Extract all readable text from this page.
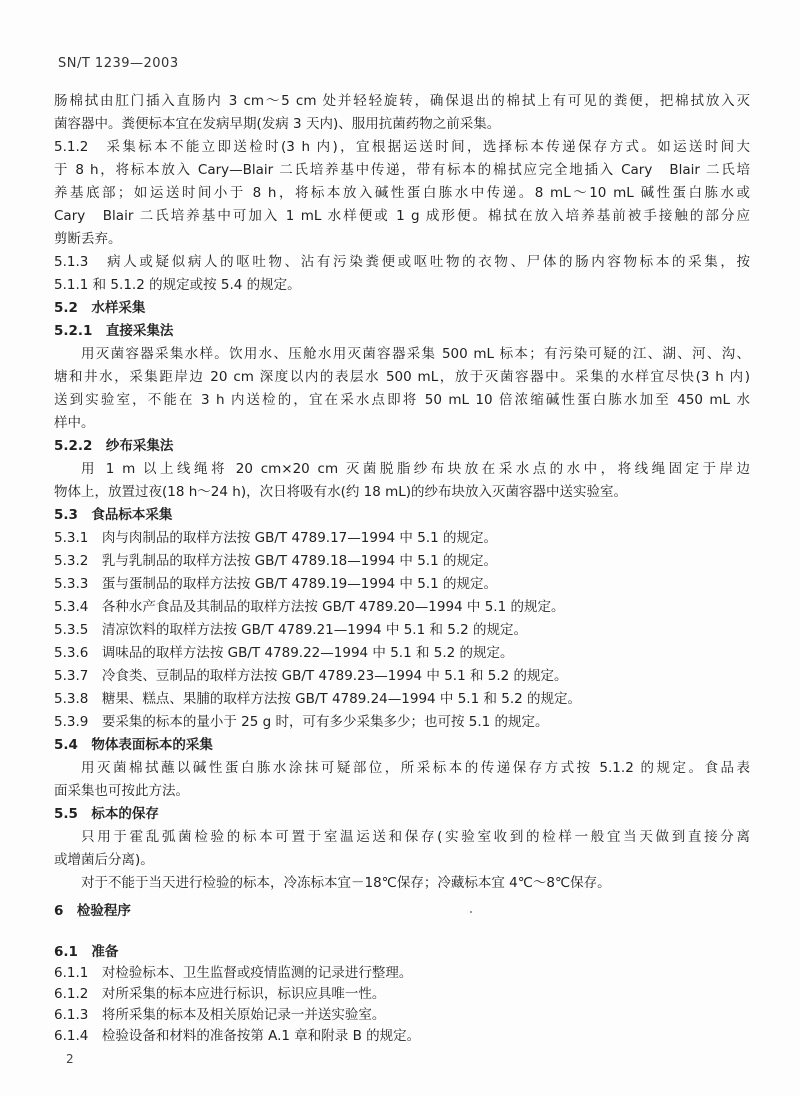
SN/T 1239—2003
肠棉拭由肛门插入直肠内 3 cm～5 cm 处并轻轻旋转，确保退出的棉拭上有可见的粪便，把棉拭放入灭
菌容器中。粪便标本宜在发病早期(发病 3 天内)、服用抗菌药物之前采集。
5.1.2　采集标本不能立即送检时(3 h 内)，宜根据运送时间，选择标本传递保存方式。如运送时间大
于 8 h，将标本放入 Cary—Blair 二氏培养基中传递，带有标本的棉拭应完全地插入 Cary　Blair 二氏培
养基底部；如运送时间小于 8 h，将标本放入碱性蛋白胨水中传递。8 mL～10 mL 碱性蛋白胨水或
Cary　Blair 二氏培养基中可加入 1 mL 水样便或 1 g 成形便。棉拭在放入培养基前被手接触的部分应
剪断丢弃。
5.1.3　病人或疑似病人的呕吐物、沾有污染粪便或呕吐物的衣物、尸体的肠内容物标本的采集，按
5.1.1 和 5.1.2 的规定或按 5.4 的规定。
5.2　水样采集
5.2.1　直接采集法
用灭菌容器采集水样。饮用水、压舱水用灭菌容器采集 500 mL 标本；有污染可疑的江、湖、河、沟、
塘和井水，采集距岸边 20 cm 深度以内的表层水 500 mL，放于灭菌容器中。采集的水样宜尽快(3 h 内)
送到实验室，不能在 3 h 内送检的，宜在采水点即将 50 mL 10 倍浓缩碱性蛋白胨水加至 450 mL 水
样中。
5.2.2　纱布采集法
用 1 m 以上线绳将 20 cm×20 cm 灭菌脱脂纱布块放在采水点的水中，将线绳固定于岸边
物体上，放置过夜(18 h～24 h)，次日将吸有水(约 18 mL)的纱布块放入灭菌容器中送实验室。
5.3　食品标本采集
5.3.1　肉与肉制品的取样方法按 GB/T 4789.17—1994 中 5.1 的规定。
5.3.2　乳与乳制品的取样方法按 GB/T 4789.18—1994 中 5.1 的规定。
5.3.3　蛋与蛋制品的取样方法按 GB/T 4789.19—1994 中 5.1 的规定。
5.3.4　各种水产食品及其制品的取样方法按 GB/T 4789.20—1994 中 5.1 的规定。
5.3.5　清凉饮料的取样方法按 GB/T 4789.21—1994 中 5.1 和 5.2 的规定。
5.3.6　调味品的取样方法按 GB/T 4789.22—1994 中 5.1 和 5.2 的规定。
5.3.7　冷食类、豆制品的取样方法按 GB/T 4789.23—1994 中 5.1 和 5.2 的规定。
5.3.8　糖果、糕点、果脯的取样方法按 GB/T 4789.24—1994 中 5.1 和 5.2 的规定。
5.3.9　要采集的标本的量小于 25 g 时，可有多少采集多少；也可按 5.1 的规定。
5.4　物体表面标本的采集
用灭菌棉拭蘸以碱性蛋白胨水涂抹可疑部位，所采标本的传递保存方式按 5.1.2 的规定。食品表
面采集也可按此方法。
5.5　标本的保存
只用于霍乱弧菌检验的标本可置于室温运送和保存(实验室收到的检样一般宜当天做到直接分离
或增菌后分离)。
对于不能于当天进行检验的标本，冷冻标本宜－18℃保存；冷藏标本宜 4℃～8℃保存。
6　检验程序
6.1　准备
6.1.1　对检验标本、卫生监督或疫情监测的记录进行整理。
6.1.2　对所采集的标本应进行标识，标识应具唯一性。
6.1.3　将所采集的标本及相关原始记录一并送实验室。
6.1.4　检验设备和材料的准备按第 A.1 章和附录 B 的规定。
2
